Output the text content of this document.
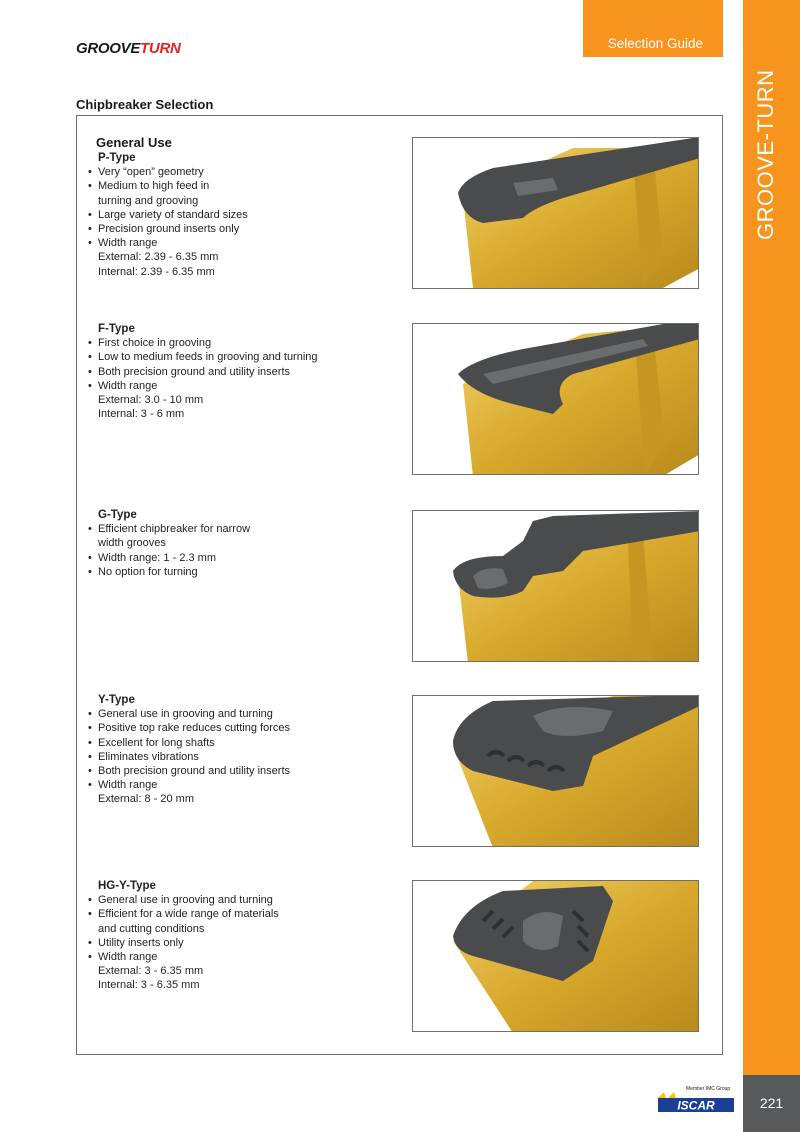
GROOVETURN	Selection Guide
GROOVE-TURN
221
Chipbreaker Selection
General Use
P-Type
• Very “open” geometry
• Medium to high feed in
turning and grooving
• Large variety of standard sizes
• Precision ground inserts only
• Width range
External: 2.39 - 6.35 mm
Internal: 2.39 - 6.35 mm
F-Type
• First choice in grooving
• Low to medium feeds in grooving and turning
• Both precision ground and utility inserts
• Width range
External: 3.0 - 10 mm
Internal: 3 - 6 mm
G-Type
• Efficient chipbreaker for narrow
width grooves
• Width range: 1 - 2.3 mm
• No option for turning
Y-Type
• General use in grooving and turning
• Positive top rake reduces cutting forces
• Excellent for long shafts
• Eliminates vibrations
• Both precision ground and utility inserts
• Width range
External: 8 - 20 mm
HG-Y-Type
• General use in grooving and turning
• Efficient for a wide range of materials
and cutting conditions
• Utility inserts only
• Width range
External: 3 - 6.35 mm
Internal: 3 - 6.35 mm
Member IMC Group
ISCAR
